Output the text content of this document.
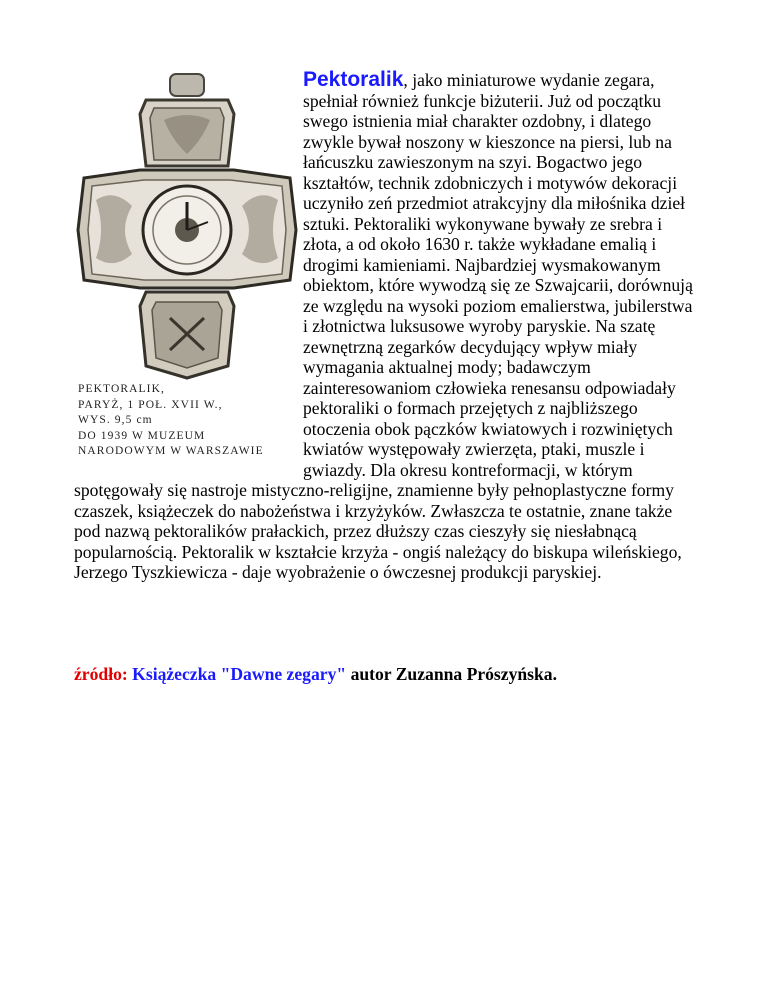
PEKTORALIK,
PARYŻ, 1 POŁ. XVII W.,
WYS. 9,5 cm
DO 1939 W MUZEUM
NARODOWYM W WARSZAWIE
Pektoralik, jako miniaturowe wydanie zegara, spełniał również funkcje biżuterii. Już od początku swego istnienia miał charakter ozdobny, i dlatego zwykle bywał noszony w kieszonce na piersi, lub na łańcuszku zawieszonym na szyi. Bogactwo jego kształtów, technik zdobniczych i motywów dekoracji uczyniło zeń przedmiot atrakcyjny dla miłośnika dzieł sztuki. Pektoraliki wykonywane bywały ze srebra i złota, a od około 1630 r. także wykładane emalią i drogimi kamieniami. Najbardziej wysmakowanym obiektom, które wywodzą się ze Szwajcarii, dorównują ze względu na wysoki poziom emalierstwa, jubilerstwa i złotnictwa luksusowe wyroby paryskie. Na szatę zewnętrzną zegarków decydujący wpływ miały wymagania aktualnej mody; badawczym zainteresowaniom człowieka renesansu odpowiadały pektoraliki o formach przejętych z najbliższego otoczenia obok pączków kwiatowych i rozwiniętych kwiatów występowały zwierzęta, ptaki, muszle i gwiazdy. Dla okresu kontreformacji, w którym spotęgowały się nastroje mistyczno-religijne, znamienne były pełnoplastyczne formy czaszek, książeczek do nabożeństwa i krzyżyków. Zwłaszcza te ostatnie, znane także pod nazwą pektoralików prałackich, przez dłuższy czas cieszyły się niesłabnącą popularnością. Pektoralik w kształcie krzyża - ongiś należący do biskupa wileńskiego, Jerzego Tyszkiewicza - daje wyobrażenie o ówczesnej produkcji paryskiej.
źródło: Książeczka "Dawne zegary" autor Zuzanna Prószyńska.
